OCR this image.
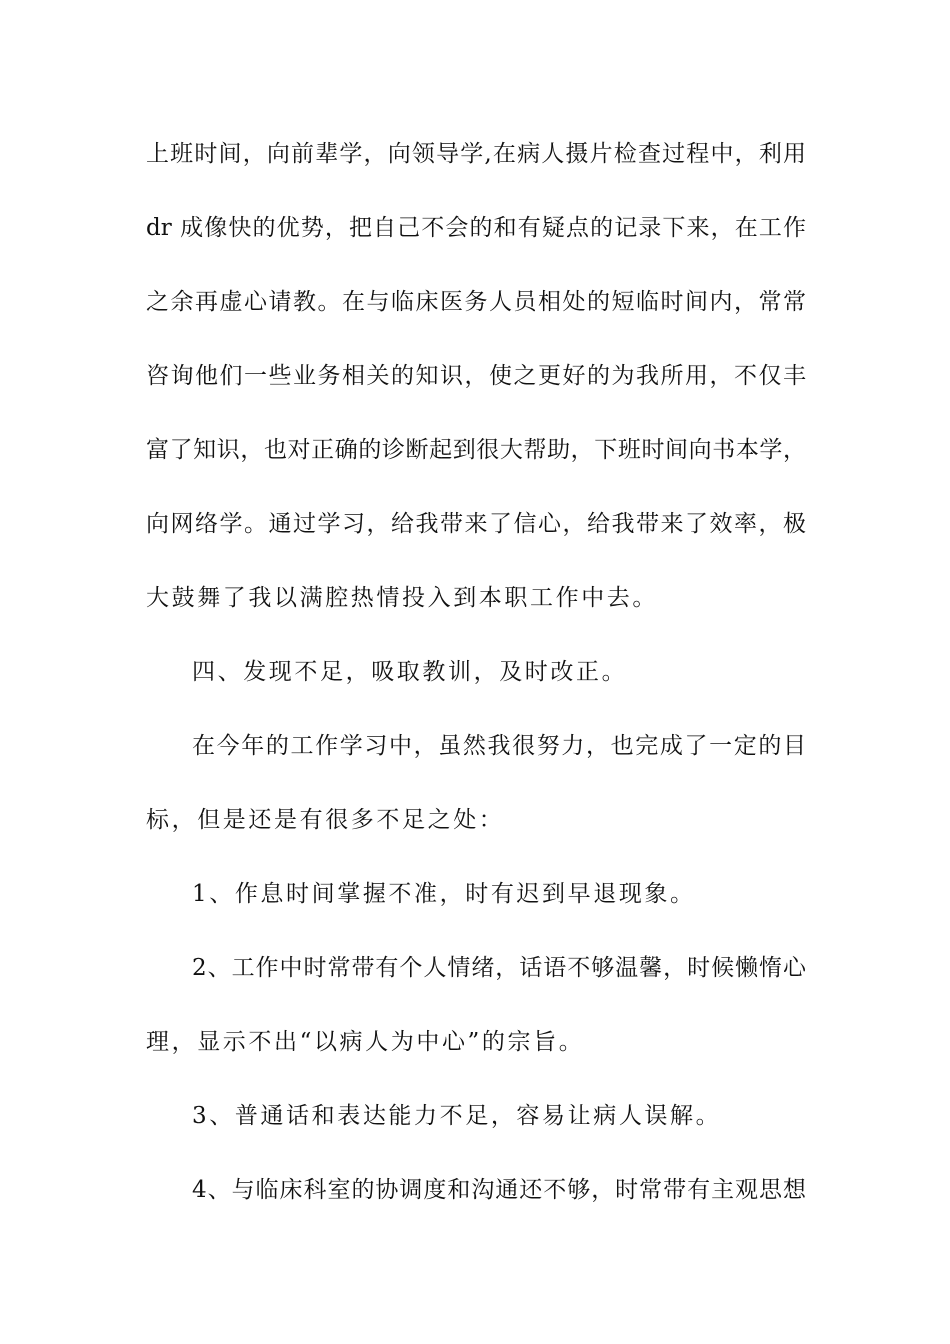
上班时间，向前辈学，向领导学,在病人摄片检查过程中，利用

dr 成像快的优势，把自己不会的和有疑点的记录下来，在工作

之余再虚心请教。在与临床医务人员相处的短临时间内，常常

咨询他们一些业务相关的知识，使之更好的为我所用，不仅丰

富了知识，也对正确的诊断起到很大帮助，下班时间向书本学，

向网络学。通过学习，给我带来了信心，给我带来了效率，极

大鼓舞了我以满腔热情投入到本职工作中去。

四、发现不足，吸取教训，及时改正。

在今年的工作学习中，虽然我很努力，也完成了一定的目

标，但是还是有很多不足之处：

1、作息时间掌握不准，时有迟到早退现象。

2、工作中时常带有个人情绪，话语不够温馨，时候懒惰心

理，显示不出“以病人为中心”的宗旨。

3、普通话和表达能力不足，容易让病人误解。

4、与临床科室的协调度和沟通还不够，时常带有主观思想
